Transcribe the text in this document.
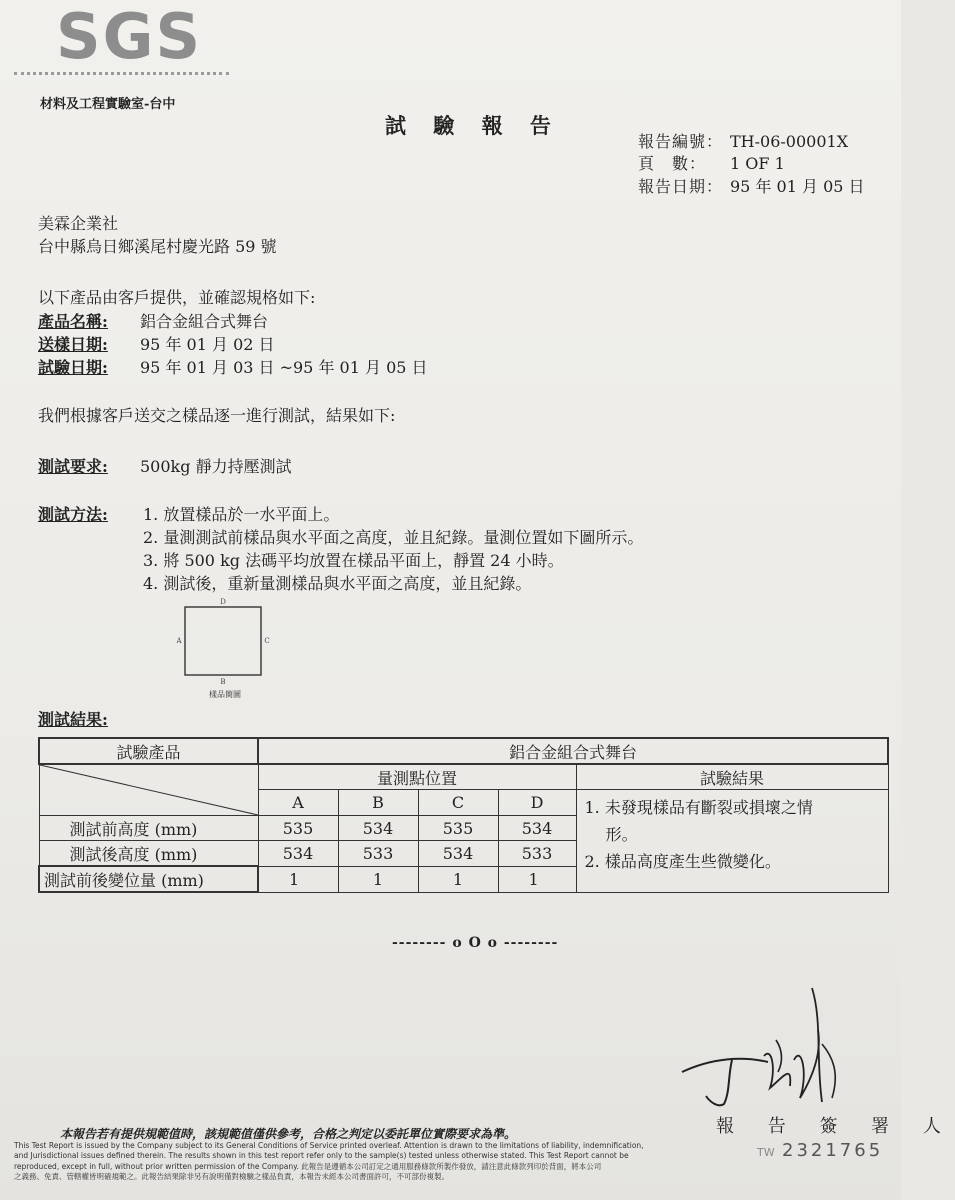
SGS
材料及工程實驗室-台中
試 驗 報 告
報告編號： TH-06-00001X
頁　數： 1 OF 1
報告日期： 95 年 01 月 05 日
美霖企業社
台中縣烏日鄉溪尾村慶光路 59 號
以下產品由客戶提供，並確認規格如下:
產品名稱: 鋁合金組合式舞台
送樣日期: 95 年 01 月 02 日
試驗日期: 95 年 01 月 03 日 ~95 年 01 月 05 日
我們根據客戶送交之樣品逐一進行測試，結果如下:
測試要求: 500kg 靜力持壓測試
測試方法:	1. 放置樣品於一水平面上。
2. 量測測試前樣品與水平面之高度，並且紀錄。量測位置如下圖所示。
3. 將 500 kg 法碼平均放置在樣品平面上，靜置 24 小時。
4. 測試後，重新量測樣品與水平面之高度，並且紀錄。
D
A	C
B
樣品簡圖
測試結果:
試驗產品	鋁合金組合式舞台				

	量測點位置				試驗結果
	A	B	C	D	1. 未發現樣品有斷裂或損壞之情
　 形。
2. 樣品高度產生些微變化。

測試前高度 (mm)	535	534	535	534	
測試後高度 (mm)	534	533	534	533	
測試前後變位量 (mm)	1	1	1	1	
-------- o O o --------
本報告若有提供規範值時，該規範值僅供參考，合格之判定以委託單位實際要求為準。	報 告 簽 署 人
TW 2321765
This Test Report is issued by the Company subject to its General Conditions of Service printed overleaf. Attention is drawn to the limitations of liability, indemnification,
and Jurisdictional issues defined therein. The results shown in this test report refer only to the sample(s) tested unless otherwise stated. This Test Report cannot be
reproduced, except in full, without prior written permission of the Company. 此報告是遵循本公司訂定之通用服務條款所製作發放，請注意此條款列印於背面，將本公司
之義務、免責、管轄權皆明確規範之。此報告結果除非另有說明僅對檢驗之樣品負責，本報告未經本公司書面許可，不可部份複製。
